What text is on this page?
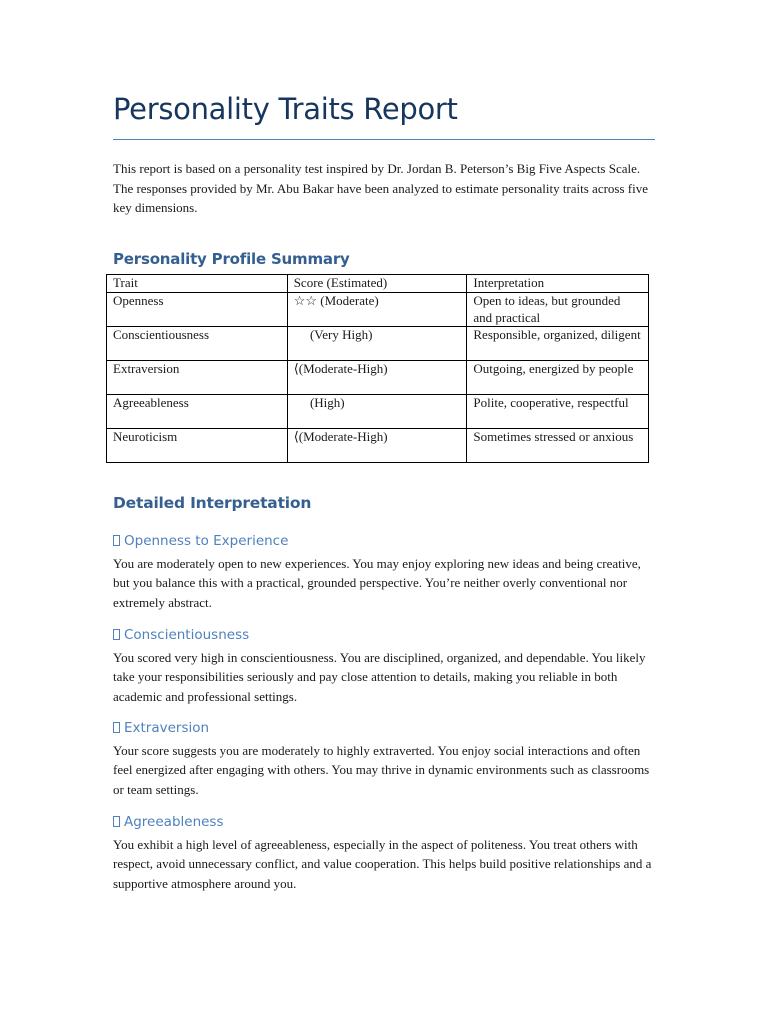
Personality Traits Report

This report is based on a personality test inspired by Dr. Jordan B. Peterson’s Big Five Aspects Scale. The responses provided by Mr. Abu Bakar have been analyzed to estimate personality traits across five key dimensions.

Personality Profile Summary
Trait	Score (Estimated)	Interpretation
Openness	☆☆ (Moderate)	Open to ideas, but grounded and practical
Conscientiousness	(Very High)	Responsible, organized, diligent
Extraversion	⟨(Moderate-High)	Outgoing, energized by people
Agreeableness	(High)	Polite, cooperative, respectful
Neuroticism	⟨(Moderate-High)	Sometimes stressed or anxious
Detailed Interpretation
Openness to Experience

You are moderately open to new experiences. You may enjoy exploring new ideas and being creative, but you balance this with a practical, grounded perspective. You’re neither overly conventional nor extremely abstract.

Conscientiousness

You scored very high in conscientiousness. You are disciplined, organized, and dependable. You likely take your responsibilities seriously and pay close attention to details, making you reliable in both academic and professional settings.

Extraversion

Your score suggests you are moderately to highly extraverted. You enjoy social interactions and often feel energized after engaging with others. You may thrive in dynamic environments such as classrooms or team settings.

Agreeableness

You exhibit a high level of agreeableness, especially in the aspect of politeness. You treat others with respect, avoid unnecessary conflict, and value cooperation. This helps build positive relationships and a supportive atmosphere around you.
